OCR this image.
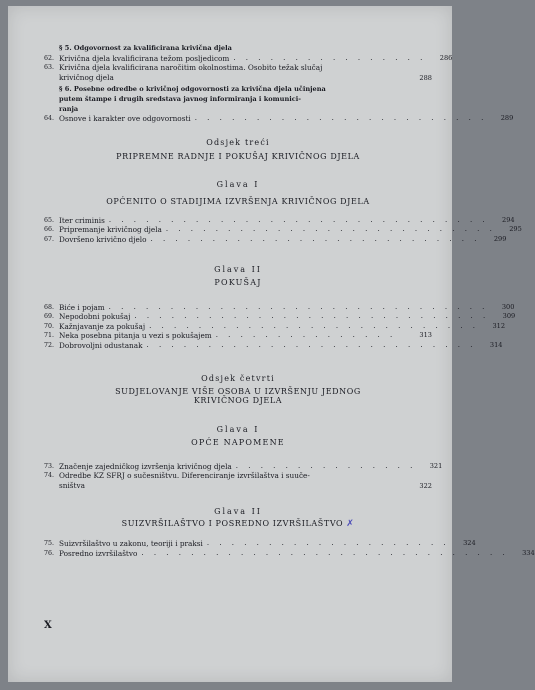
§ 5. Odgovornost za kvalificirana krivična djela
62. Krivična djela kvalificirana težom posljedicom . . . . . . . . . . . . . . . .	286
63. Krivična djela kvalificirana naročitim okolnostima. Osobito težak slučaj
krivičnog djela	288
§ 6. Posebne odredbe o krivičnoj odgovornosti za krivična djela učinjena
putem štampe i drugih sredstava javnog informiranja i komunici-
ranja
64. Osnove i karakter ove odgovornosti . . . . . . . . . . . . . . . . . . . . . . . .	289
Odsjek treći
PRIPREMNE RADNJE I POKUŠAJ KRIVIČNOG DJELA
Glava I
OPĆENITO O STADIJIMA IZVRŠENJA KRIVIČNOG DJELA
65. Iter criminis . . . . . . . . . . . . . . . . . . . . . . . . . . . . . . .	294
66. Pripremanje krivičnog djela . . . . . . . . . . . . . . . . . . . . . . . . . . .	295
67. Dovršeno krivično djelo . . . . . . . . . . . . . . . . . . . . . . . . . . .	299
Glava II
POKUŠAJ
68. Biće i pojam . . . . . . . . . . . . . . . . . . . . . . . . . . . . . . .	300
69. Nepodobni pokušaj . . . . . . . . . . . . . . . . . . . . . . . . . . . . .	309
70. Kažnjavanje za pokušaj . . . . . . . . . . . . . . . . . . . . . . . . . . .	312
71. Neka posebna pitanja u vezi s pokušajem . . . . . . . . . . . . . . .	313
72. Dobrovoljni odustanak . . . . . . . . . . . . . . . . . . . . . . . . . . .	314
Odsjek četvrti
SUDJELOVANJE VIŠE OSOBA U IZVRŠENJU JEDNOG
KRIVIČNOG DJELA
Glava I
OPĆE NAPOMENE
73. Značenje zajedničkog izvršenja krivičnog djela . . . . . . . . . . . . . . .	321
74. Odredbe KZ SFRJ o sučesništvu. Diferenciranje izvršilaštva i suuče-
sništva	322
Glava II
SUIZVRŠILAŠTVO I POSREDNO IZVRŠILAŠTVO ✗
75. Suizvršilaštvo u zakonu, teoriji i praksi . . . . . . . . . . . . . . . . . . . .	324
76. Posredno izvršilaštvo . . . . . . . . . . . . . . . . . . . . . . . . . . . . . .	334
X
